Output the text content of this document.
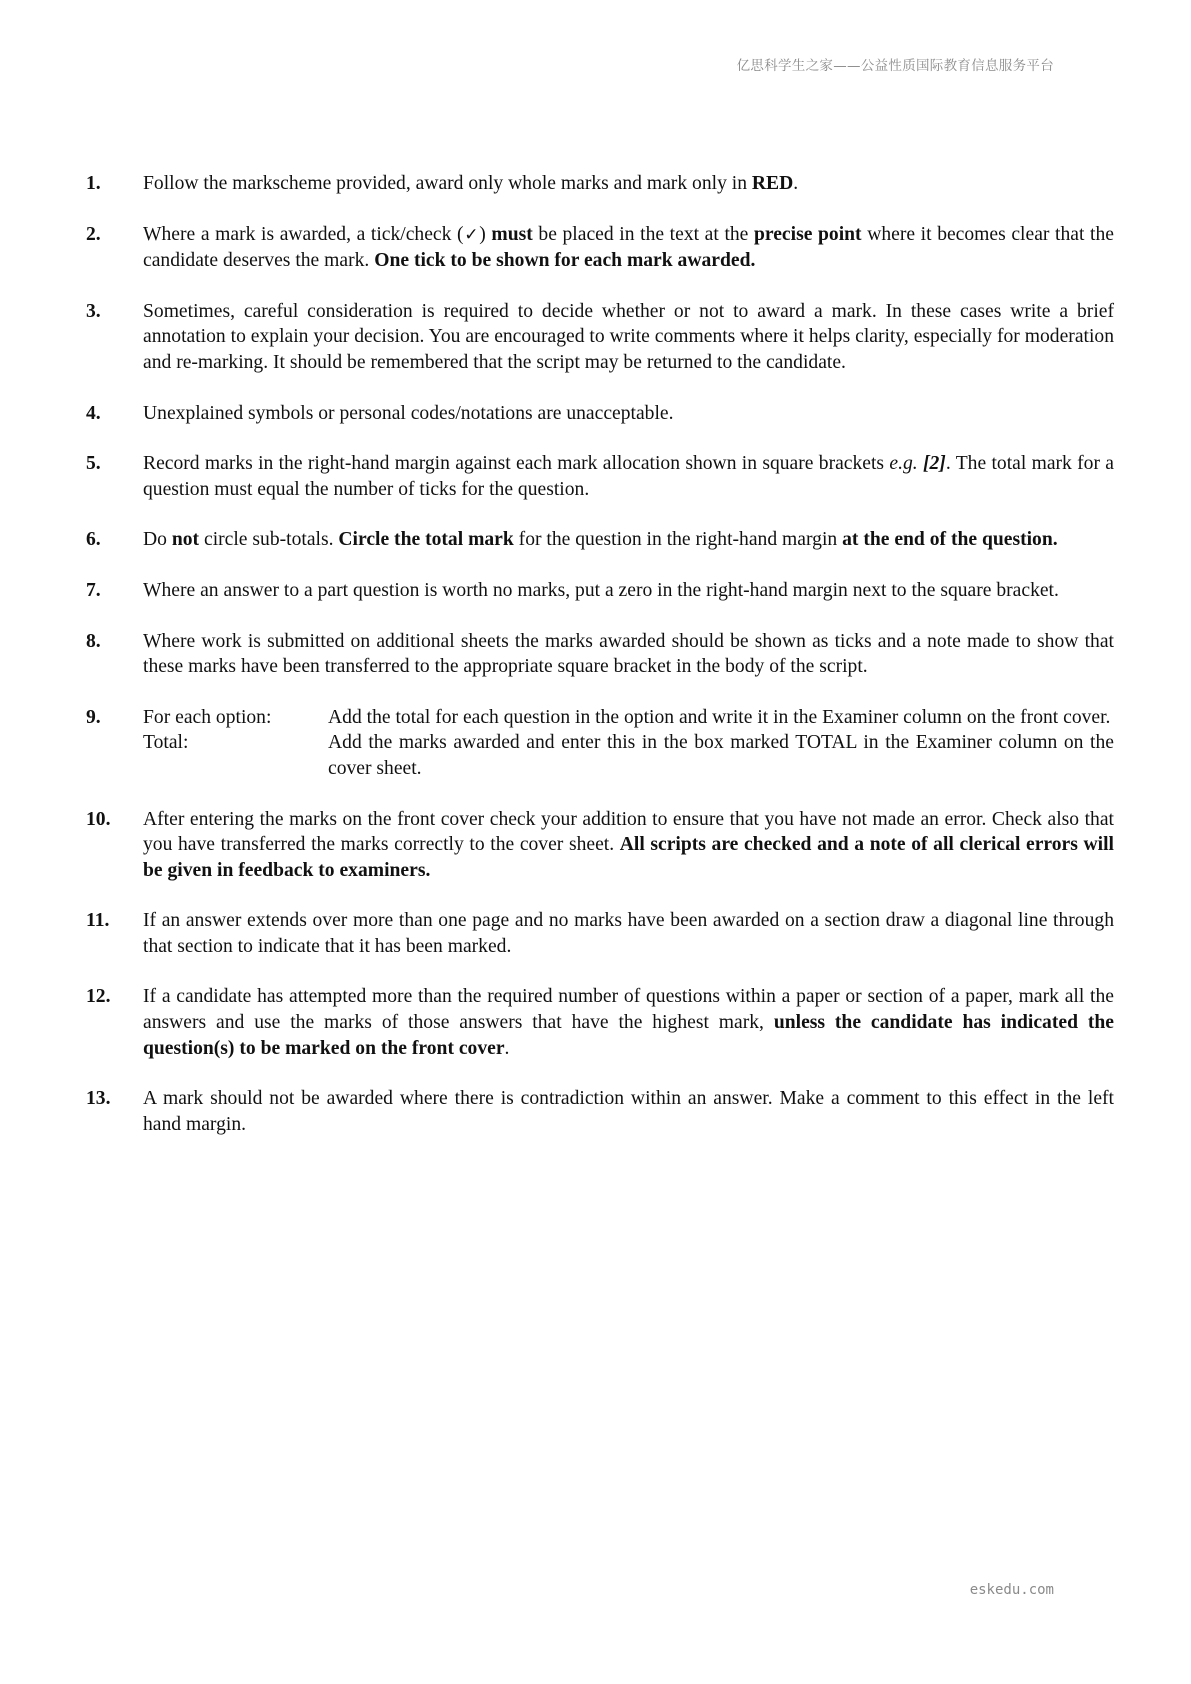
亿思科学生之家——公益性质国际教育信息服务平台
1.	Follow the markscheme provided, award only whole marks and mark only in RED.
2.	Where a mark is awarded, a tick/check (✓) must be placed in the text at the precise point where it becomes clear that the candidate deserves the mark. One tick to be shown for each mark awarded.
3.	Sometimes, careful consideration is required to decide whether or not to award a mark. In these cases write a brief annotation to explain your decision. You are encouraged to write comments where it helps clarity, especially for moderation and re-marking. It should be remembered that the script may be returned to the candidate.
4.	Unexplained symbols or personal codes/notations are unacceptable.
5.	Record marks in the right-hand margin against each mark allocation shown in square brackets e.g. [2]. The total mark for a question must equal the number of ticks for the question.
6.	Do not circle sub-totals. Circle the total mark for the question in the right-hand margin at the end of the question.
7.	Where an answer to a part question is worth no marks, put a zero in the right-hand margin next to the square bracket.
8.	Where work is submitted on additional sheets the marks awarded should be shown as ticks and a note made to show that these marks have been transferred to the appropriate square bracket in the body of the script.
9.	For each option:	Add the total for each question in the option and write it in the Examiner column on the front cover.
Total:	Add the marks awarded and enter this in the box marked TOTAL in the Examiner column on the cover sheet.
10.	After entering the marks on the front cover check your addition to ensure that you have not made an error. Check also that you have transferred the marks correctly to the cover sheet. All scripts are checked and a note of all clerical errors will be given in feedback to examiners.
11.	If an answer extends over more than one page and no marks have been awarded on a section draw a diagonal line through that section to indicate that it has been marked.
12.	If a candidate has attempted more than the required number of questions within a paper or section of a paper, mark all the answers and use the marks of those answers that have the highest mark, unless the candidate has indicated the question(s) to be marked on the front cover.
13.	A mark should not be awarded where there is contradiction within an answer. Make a comment to this effect in the left hand margin.
eskedu.com
